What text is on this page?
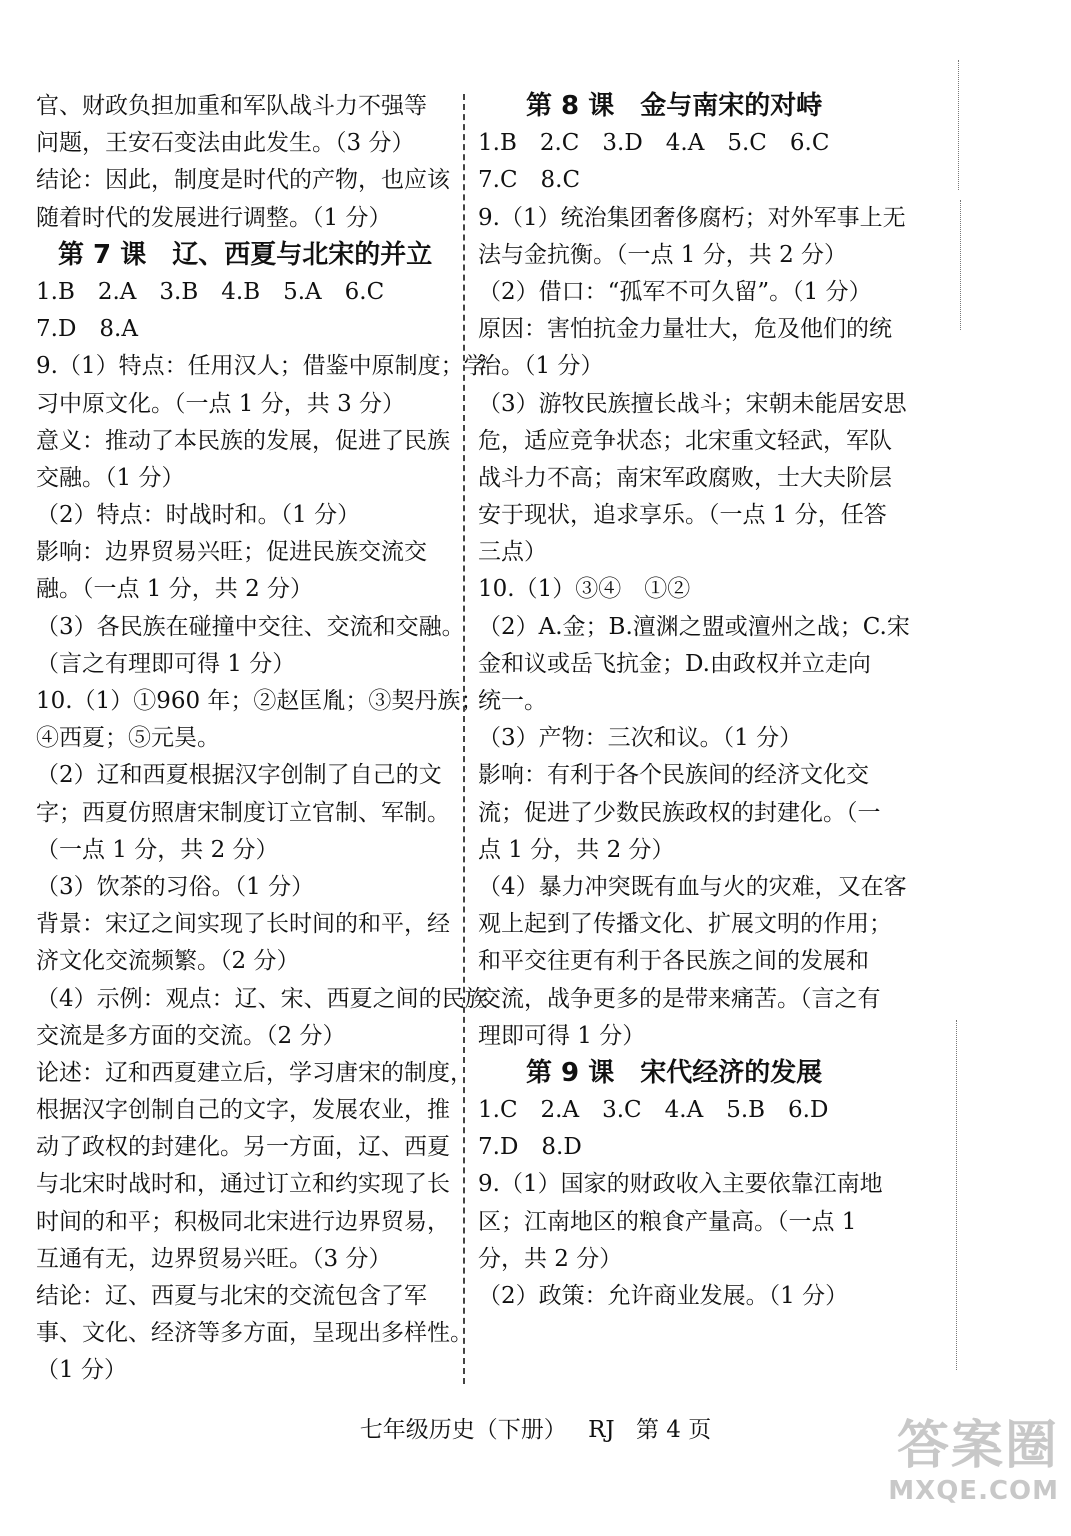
官、财政负担加重和军队战斗力不强等
问题，王安石变法由此发生。（3 分）
结论：因此，制度是时代的产物，也应该
随着时代的发展进行调整。（1 分）
第 7 课　辽、西夏与北宋的并立
1.B　2.A　3.B　4.B　5.A　6.C
7.D　8.A
9.（1）特点：任用汉人；借鉴中原制度；学
习中原文化。（一点 1 分，共 3 分）
意义：推动了本民族的发展，促进了民族
交融。（1 分）
（2）特点：时战时和。（1 分）
影响：边界贸易兴旺；促进民族交流交
融。（一点 1 分，共 2 分）
（3）各民族在碰撞中交往、交流和交融。
（言之有理即可得 1 分）
10.（1）①960 年；②赵匡胤；③契丹族；
④西夏；⑤元昊。
（2）辽和西夏根据汉字创制了自己的文
字；西夏仿照唐宋制度订立官制、军制。
（一点 1 分，共 2 分）
（3）饮茶的习俗。（1 分）
背景：宋辽之间实现了长时间的和平，经
济文化交流频繁。（2 分）
（4）示例：观点：辽、宋、西夏之间的民族
交流是多方面的交流。（2 分）
论述：辽和西夏建立后，学习唐宋的制度，
根据汉字创制自己的文字，发展农业，推
动了政权的封建化。另一方面，辽、西夏
与北宋时战时和，通过订立和约实现了长
时间的和平；积极同北宋进行边界贸易，
互通有无，边界贸易兴旺。（3 分）
结论：辽、西夏与北宋的交流包含了军
事、文化、经济等多方面，呈现出多样性。
（1 分）
第 8 课　金与南宋的对峙
1.B　2.C　3.D　4.A　5.C　6.C
7.C　8.C
9.（1）统治集团奢侈腐朽；对外军事上无
法与金抗衡。（一点 1 分，共 2 分）
（2）借口：“孤军不可久留”。（1 分）
原因：害怕抗金力量壮大，危及他们的统
治。（1 分）
（3）游牧民族擅长战斗；宋朝未能居安思
危，适应竞争状态；北宋重文轻武，军队
战斗力不高；南宋军政腐败，士大夫阶层
安于现状，追求享乐。（一点 1 分，任答
三点）
10.（1）③④　①②
（2）A.金；B.澶渊之盟或澶州之战；C.宋
金和议或岳飞抗金；D.由政权并立走向
统一。
（3）产物：三次和议。（1 分）
影响：有利于各个民族间的经济文化交
流；促进了少数民族政权的封建化。（一
点 1 分，共 2 分）
（4）暴力冲突既有血与火的灾难，又在客
观上起到了传播文化、扩展文明的作用；
和平交往更有利于各民族之间的发展和
交流，战争更多的是带来痛苦。（言之有
理即可得 1 分）
第 9 课　宋代经济的发展
1.C　2.A　3.C　4.A　5.B　6.D
7.D　8.D
9.（1）国家的财政收入主要依靠江南地
区；江南地区的粮食产量高。（一点 1
分，共 2 分）
（2）政策：允许商业发展。（1 分）
七年级历史（下册） RJ 第 4 页	答案圈
MXQE.COM
